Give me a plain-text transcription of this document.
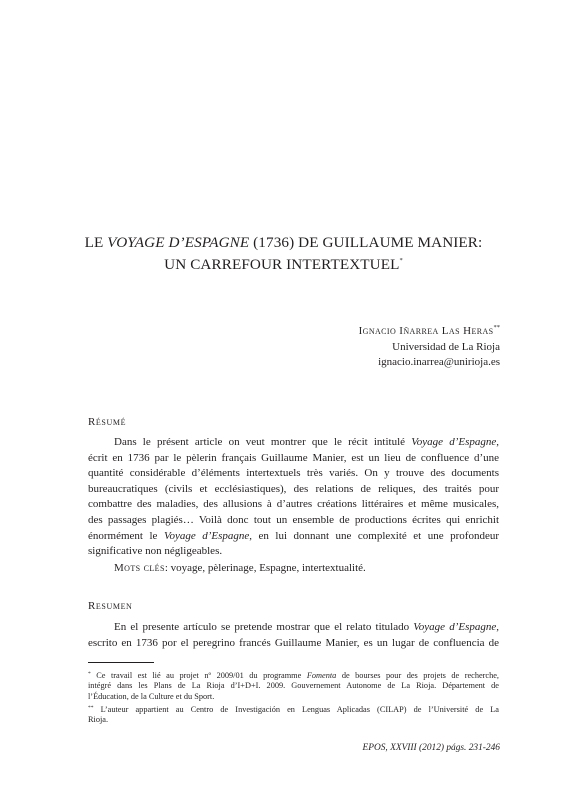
LE VOYAGE D’ESPAGNE (1736) DE GUILLAUME MANIER:
UN CARREFOUR INTERTEXTUEL*
Ignacio Iñarrea Las Heras**
Universidad de La Rioja
ignacio.inarrea@unirioja.es
Résumé
Dans le présent article on veut montrer que le récit intitulé Voyage d’Espagne,
écrit en 1736 par le pèlerin français Guillaume Manier, est un lieu de confluence d’une
quantité considérable d’éléments intertextuels très variés. On y trouve des documents
bureaucratiques (civils et ecclésiastiques), des relations de reliques, des traités pour
combattre des maladies, des allusions à d’autres créations littéraires et même musicales,
des passages plagiés… Voilà donc tout un ensemble de productions écrites qui enrichit
énormément le Voyage d’Espagne, en lui donnant une complexité et une profondeur
significative non négligeables.
Mots clés: voyage, pèlerinage, Espagne, intertextualité.
Resumen
En el presente artículo se pretende mostrar que el relato titulado Voyage d’Espagne,
escrito en 1736 por el peregrino francés Guillaume Manier, es un lugar de confluencia de
* Ce travail est lié au projet nº 2009/01 du programme Fomenta de bourses pour des projets de recherche,
intégré dans les Plans de La Rioja d’I+D+I. 2009. Gouvernement Autonome de La Rioja. Département de
l’Éducation, de la Culture et du Sport.
** L’auteur appartient au Centro de Investigación en Lenguas Aplicadas (CILAP) de l’Université de La
Rioja.
EPOS, XXVIII (2012) págs. 231-246
